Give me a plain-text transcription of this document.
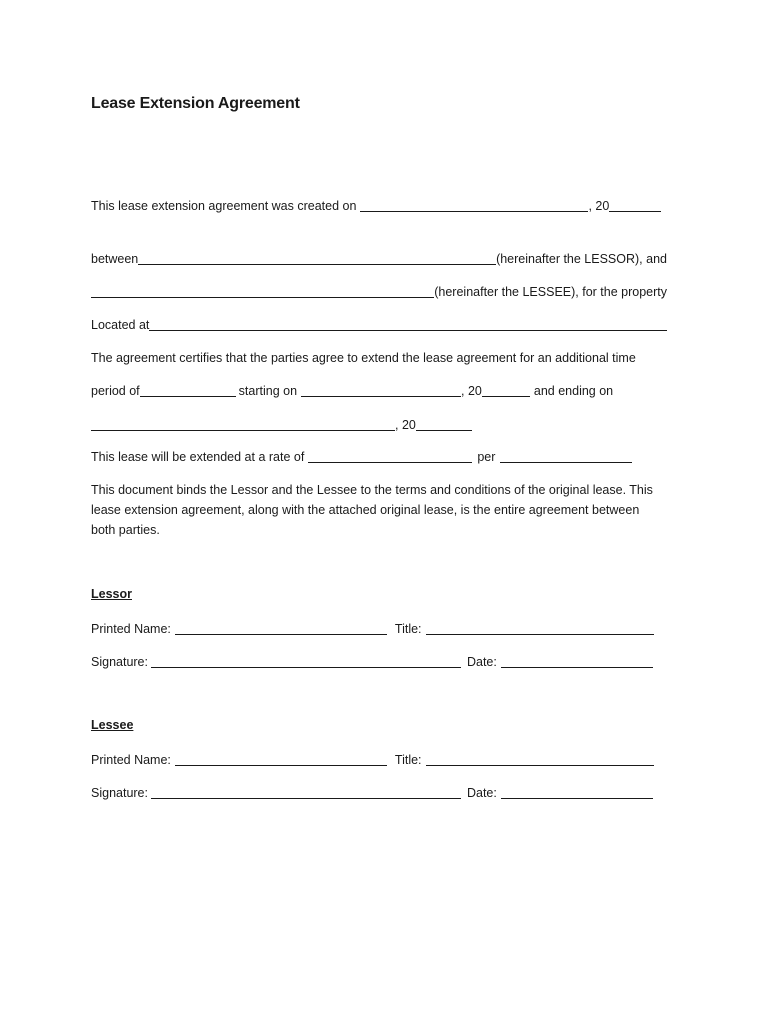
Lease Extension Agreement
This lease extension agreement was created on	, 20
between	(hereinafter the LESSOR), and
(hereinafter the LESSEE), for the property
Located at
The agreement certifies that the parties agree to extend the lease agreement for an additional time
period of	starting on	, 20	and ending on
, 20
This lease will be extended at a rate of	per
This document binds the Lessor and the Lessee to the terms and conditions of the original lease. This lease extension agreement, along with the attached original lease, is the entire agreement between both parties.
Lessor
Printed Name:	Title:
Signature:	Date:
Lessee
Printed Name:	Title:
Signature:	Date:
